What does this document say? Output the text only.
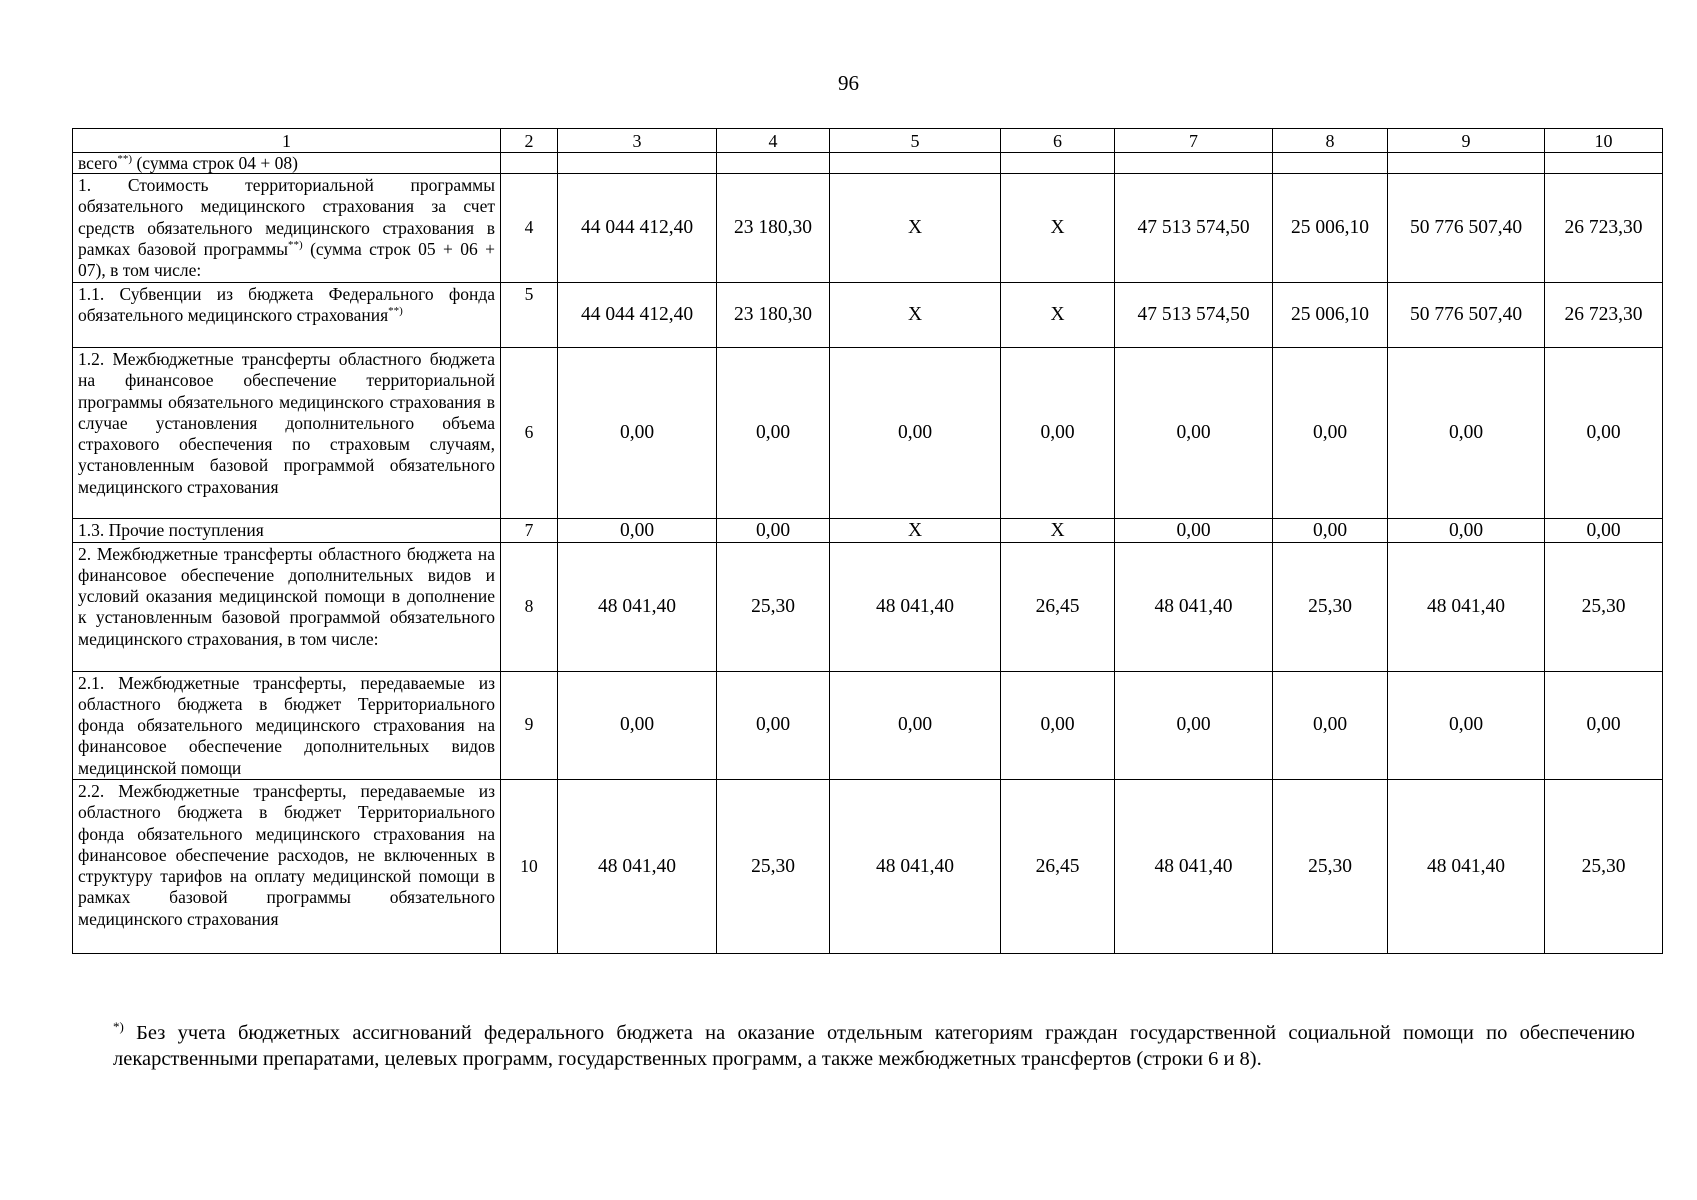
96
1	2	3	4	5	6	7	8	9	10
всего**) (сумма строк 04 + 08)									
1. Стоимость территориальной программы обязательного медицинского страхования за счет средств обязательного медицинского страхования в рамках базовой программы**) (сумма строк 05 + 06 + 07), в том числе:	4	44 044 412,40	23 180,30	X	X	47 513 574,50	25 006,10	50 776 507,40	26 723,30
1.1. Субвенции из бюджета Федерального фонда обязательного медицинского страхования**)	5	44 044 412,40	23 180,30	X	X	47 513 574,50	25 006,10	50 776 507,40	26 723,30
1.2. Межбюджетные трансферты областного бюджета на финансовое обеспечение территориальной программы обязательного медицинского страхования в случае установления дополнительного объема страхового обеспечения по страховым случаям, установленным базовой программой обязательного медицинского страхования	6	0,00	0,00	0,00	0,00	0,00	0,00	0,00	0,00
1.3. Прочие поступления	7	0,00	0,00	X	X	0,00	0,00	0,00	0,00
2. Межбюджетные трансферты областного бюджета на финансовое обеспечение дополнительных видов и условий оказания медицинской помощи в дополнение к установленным базовой программой обязательного медицинского страхования, в том числе:	8	48 041,40	25,30	48 041,40	26,45	48 041,40	25,30	48 041,40	25,30
2.1. Межбюджетные трансферты, передаваемые из областного бюджета в бюджет Территориального фонда обязательного медицинского страхования на финансовое обеспечение дополнительных видов медицинской помощи	9	0,00	0,00	0,00	0,00	0,00	0,00	0,00	0,00
2.2. Межбюджетные трансферты, передаваемые из областного бюджета в бюджет Территориального фонда обязательного медицинского страхования на финансовое обеспечение расходов, не включенных в структуру тарифов на оплату медицинской помощи в рамках базовой программы обязательного медицинского страхования	10	48 041,40	25,30	48 041,40	26,45	48 041,40	25,30	48 041,40	25,30
*) Без учета бюджетных ассигнований федерального бюджета на оказание отдельным категориям граждан государственной социальной помощи по обеспечению лекарственными препаратами, целевых программ, государственных программ, а также межбюджетных трансфертов (строки 6 и 8).
